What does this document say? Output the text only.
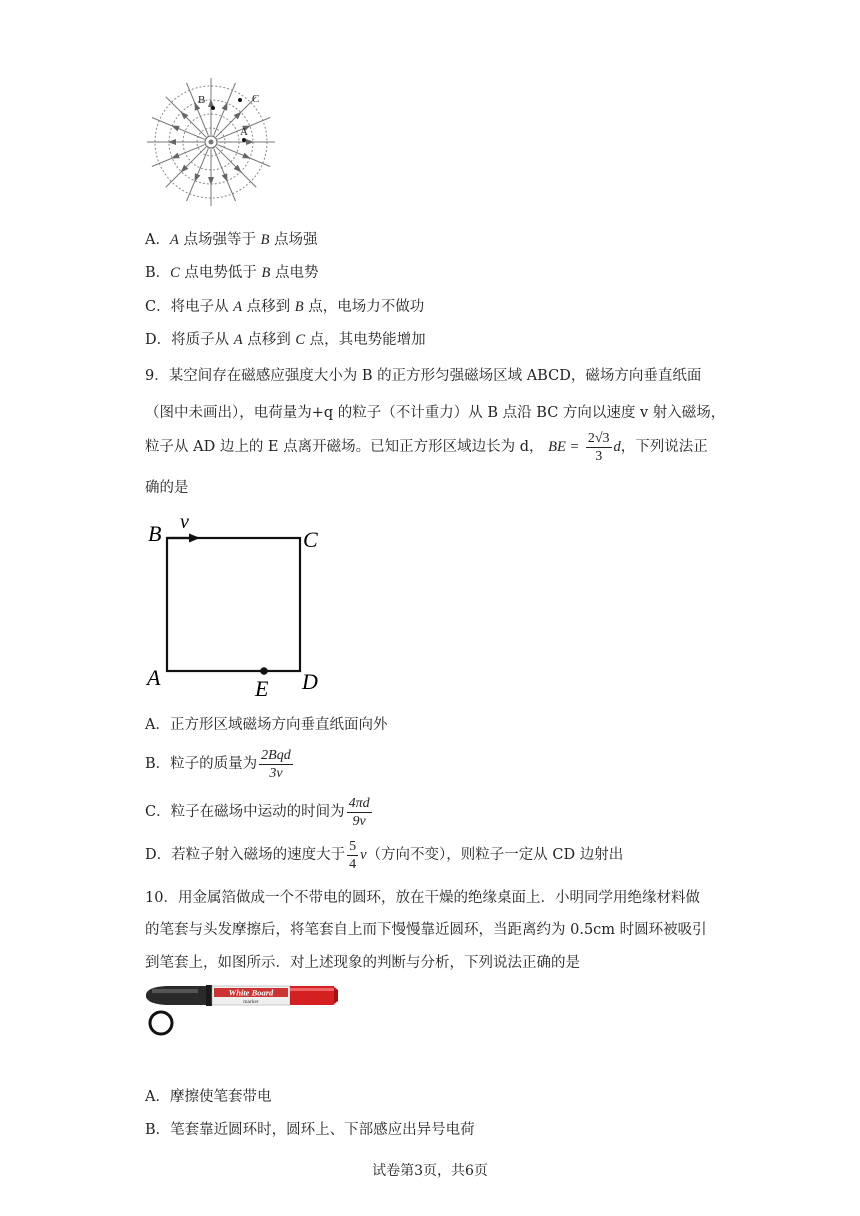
B	C
A
A．A 点场强等于 B 点场强
B．C 点电势低于 B 点电势
C．将电子从 A 点移到 B 点，电场力不做功
D．将质子从 A 点移到 C 点，其电势能增加
9．某空间存在磁感应强度大小为 B 的正方形匀强磁场区域 ABCD，磁场方向垂直纸面
（图中未画出），电荷量为+q 的粒子（不计重力）从 B 点沿 BC 方向以速度 v 射入磁场，
粒子从 AD 边上的 E 点离开磁场。已知正方形区域边长为 d， BE = $\frac{2√3}{3}$ d，下列说法正
确的是
B v
C
A	E D
A．正方形区域磁场方向垂直纸面向外
B．粒子的质量为 $\frac{\text{2Bqd}}{3v}$
C．粒子在磁场中运动的时间为 $\frac{4\pi d}{9v}$
D．若粒子射入磁场的速度大于 $\frac{5}{4} v$（方向不变），则粒子一定从 CD 边射出
10．用金属箔做成一个不带电的圆环，放在干燥的绝缘桌面上．小明同学用绝缘材料做
的笔套与头发摩擦后，将笔套自上而下慢慢靠近圆环，当距离约为 0.5cm 时圆环被吸引
到笔套上，如图所示．对上述现象的判断与分析，下列说法正确的是
White Board
marker
A．摩擦使笔套带电
B．笔套靠近圆环时，圆环上、下部感应出异号电荷
试卷第3页，共6页
